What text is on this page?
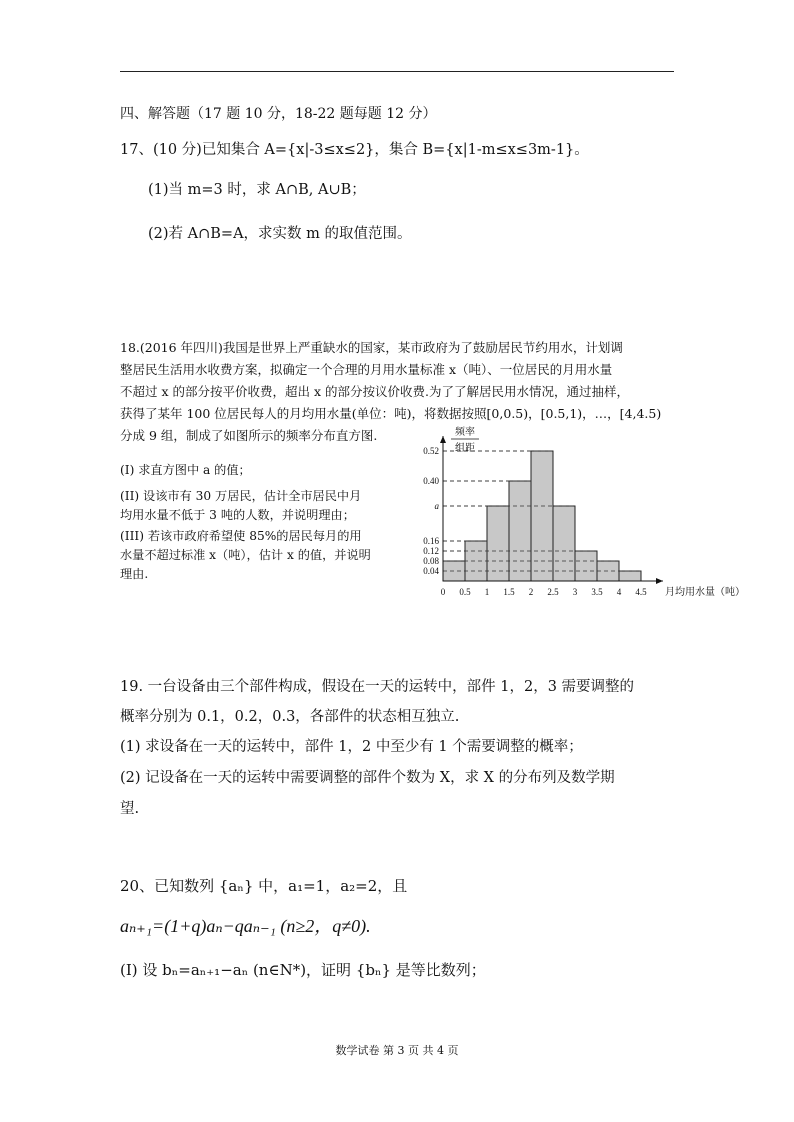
四、解答题（17 题 10 分，18-22 题每题 12 分）
17、(10 分)已知集合 A={x|-3≤x≤2}，集合 B={x|1-m≤x≤3m-1}。
(1)当 m=3 时，求 A∩B, A∪B；
(2)若 A∩B=A，求实数 m 的取值范围。
18.(2016 年四川)我国是世界上严重缺水的国家，某市政府为了鼓励居民节约用水，计划调
整居民生活用水收费方案，拟确定一个合理的月用水量标准 x（吨）、一位居民的月用水量
不超过 x 的部分按平价收费，超出 x 的部分按议价收费.为了了解居民用水情况，通过抽样，
获得了某年 100 位居民每人的月均用水量(单位：吨)，将数据按照[0,0.5)，[0.5,1)，…，[4,4.5)
分成 9 组，制成了如图所示的频率分布直方图.
(I) 求直方图中 a 的值；
(II) 设该市有 30 万居民，估计全市居民中月
均用水量不低于 3 吨的人数，并说明理由；
(III) 若该市政府希望使 85%的居民每月的用
水量不超过标准 x（吨），估计 x 的值，并说明
理由.	0.04
0.08
0.12
0.16
a
0.40
0.52
0 0.5 1 1.5 2 2.5 3 3.5 4 4.5
频率
组距
月均用水量（吨）
19. 一台设备由三个部件构成，假设在一天的运转中，部件 1，2，3 需要调整的
概率分别为 0.1，0.2，0.3，各部件的状态相互独立.
(1) 求设备在一天的运转中，部件 1，2 中至少有 1 个需要调整的概率；
(2) 记设备在一天的运转中需要调整的部件个数为 X，求 X 的分布列及数学期
望.
20、已知数列 {aₙ} 中，a₁=1，a₂=2，且
aₙ₊₁=(1+q)aₙ−qaₙ₋₁ (n≥2，q≠0).
(I) 设 bₙ=aₙ₊₁−aₙ (n∈N*)，证明 {bₙ} 是等比数列；
数学试卷 第 3 页 共 4 页
